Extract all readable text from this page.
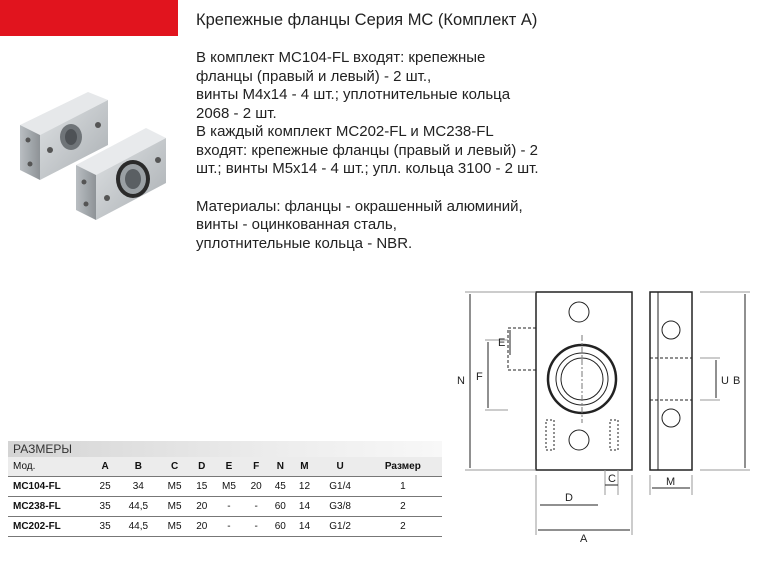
Крепежные фланцы Серия MC (Комплект А)

В комплект MC104-FL входят: крепежные

фланцы (правый и левый) - 2 шт.,

винты M4x14 - 4 шт.; уплотнительные кольца

2068 - 2 шт.

В каждый комплект MC202-FL и MC238-FL

входят: крепежные фланцы (правый и левый) - 2

шт.; винты M5x14 - 4 шт.; упл. кольца 3100 - 2 шт.

Материалы: фланцы - окрашенный алюминий,

винты - оцинкованная сталь,

уплотнительные кольца - NBR.

N F
E
D
C
A
M
U B
РАЗМЕРЫ
Мод.	A	B	C	D	E	F	N	M	U	Размер
MC104-FL	25	34	M5	15	M5	20	45	12	G1/4	1
MC238-FL	35	44,5	M5	20	-	-	60	14	G3/8	2
MC202-FL	35	44,5	M5	20	-	-	60	14	G1/2	2
